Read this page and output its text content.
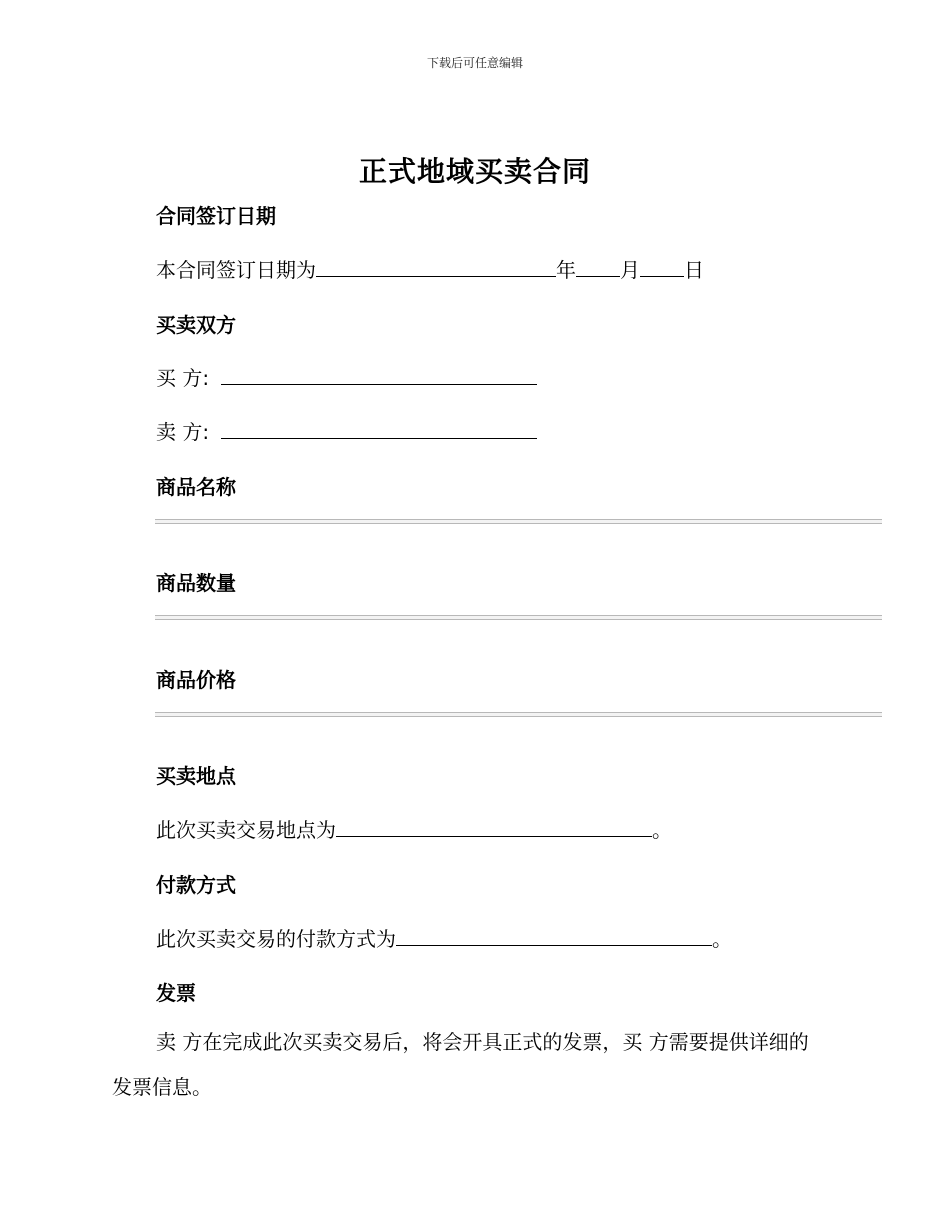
下载后可任意编辑
正式地域买卖合同
合同签订日期

本合同签订日期为	年 月 日

买卖双方

买 方:

卖 方:

商品名称
商品数量
商品价格
买卖地点

此次买卖交易地点为	。

付款方式

此次买卖交易的付款方式为	。

发票

卖 方在完成此次买卖交易后，将会开具正式的发票，买 方需要提供详细的发票信息。
